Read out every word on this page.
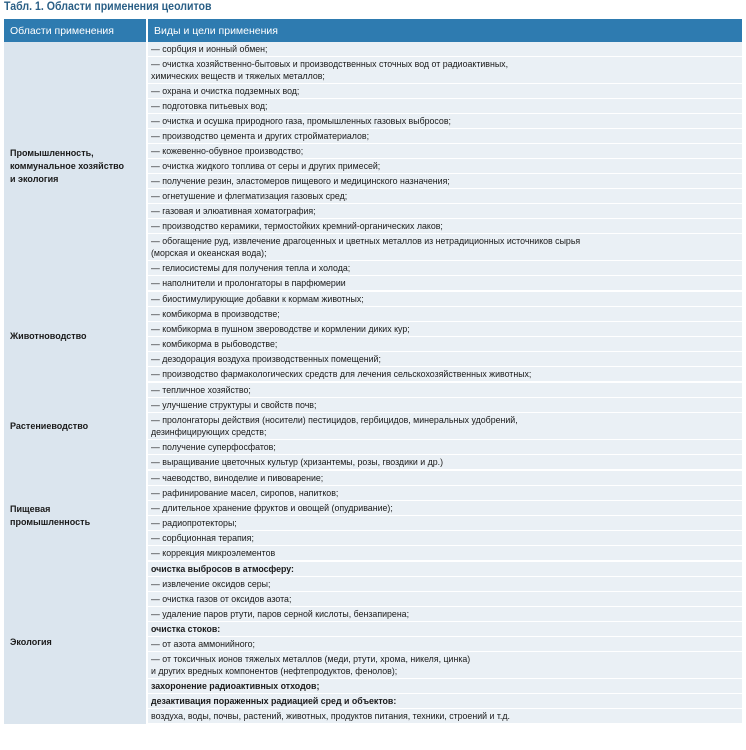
Табл. 1. Области применения цеолитов
Области применения	Виды и цели применения

Промышленность,
коммунальное хозяйство
и экология	— сорбция и ионный обмен;

	— очистка хозяйственно-бытовых и производственных сточных вод от радиоактивных,
химических веществ и тяжелых металлов;

	— охрана и очистка подземных вод;

	— подготовка питьевых вод;

	— очистка и осушка природного газа, промышленных газовых выбросов;

	— производство цемента и других стройматериалов;

	— кожевенно-обувное производство;

	— очистка жидкого топлива от серы и других примесей;

	— получение резин, эластомеров пищевого и медицинского назначения;

	— огнетушение и флегматизация газовых сред;

	— газовая и элюативная хоматография;

	— производство керамики, термостойких кремний-органических лаков;

	— обогащение руд, извлечение драгоценных и цветных металлов из нетрадиционных источников сырья
(морская и океанская вода);

	— гелиосистемы для получения тепла и холода;

	— наполнители и пролонгаторы в парфюмерии

Животноводство	— биостимулирующие добавки к кормам животных;

	— комбикорма в производстве;

	— комбикорма в пушном звероводстве и кормлении диких кур;

	— комбикорма в рыбоводстве;

	— дезодорация воздуха производственных помещений;

	— производство фармакологических средств для лечения сельскохозяйственных животных;

Растениеводство	— тепличное хозяйство;

	— улучшение структуры и свойств почв;

	— пролонгаторы действия (носители) пестицидов, гербицидов, минеральных удобрений,
дезинфицирующих средств;

	— получение суперфосфатов;

	— выращивание цветочных культур (хризантемы, розы, гвоздики и др.)

Пищевая
промышленность	— чаеводство, виноделие и пивоварение;

	— рафинирование масел, сиропов, напитков;

	— длительное хранение фруктов и овощей (опудривание);

	— радиопротекторы;

	— сорбционная терапия;

	— коррекция микроэлементов

Экология	очистка выбросов в атмосферу:

	— извлечение оксидов серы;

	— очистка газов от оксидов азота;

	— удаление паров ртути, паров серной кислоты, бензапирена;

	очистка стоков:

	— от азота аммонийного;

	— от токсичных ионов тяжелых металлов (меди, ртути, хрома, никеля, цинка)
и других вредных компонентов (нефтепродуктов, фенолов);

	захоронение радиоактивных отходов;

	дезактивация пораженных радиацией сред и объектов:

	воздуха, воды, почвы, растений, животных, продуктов питания, техники, строений и т.д.
